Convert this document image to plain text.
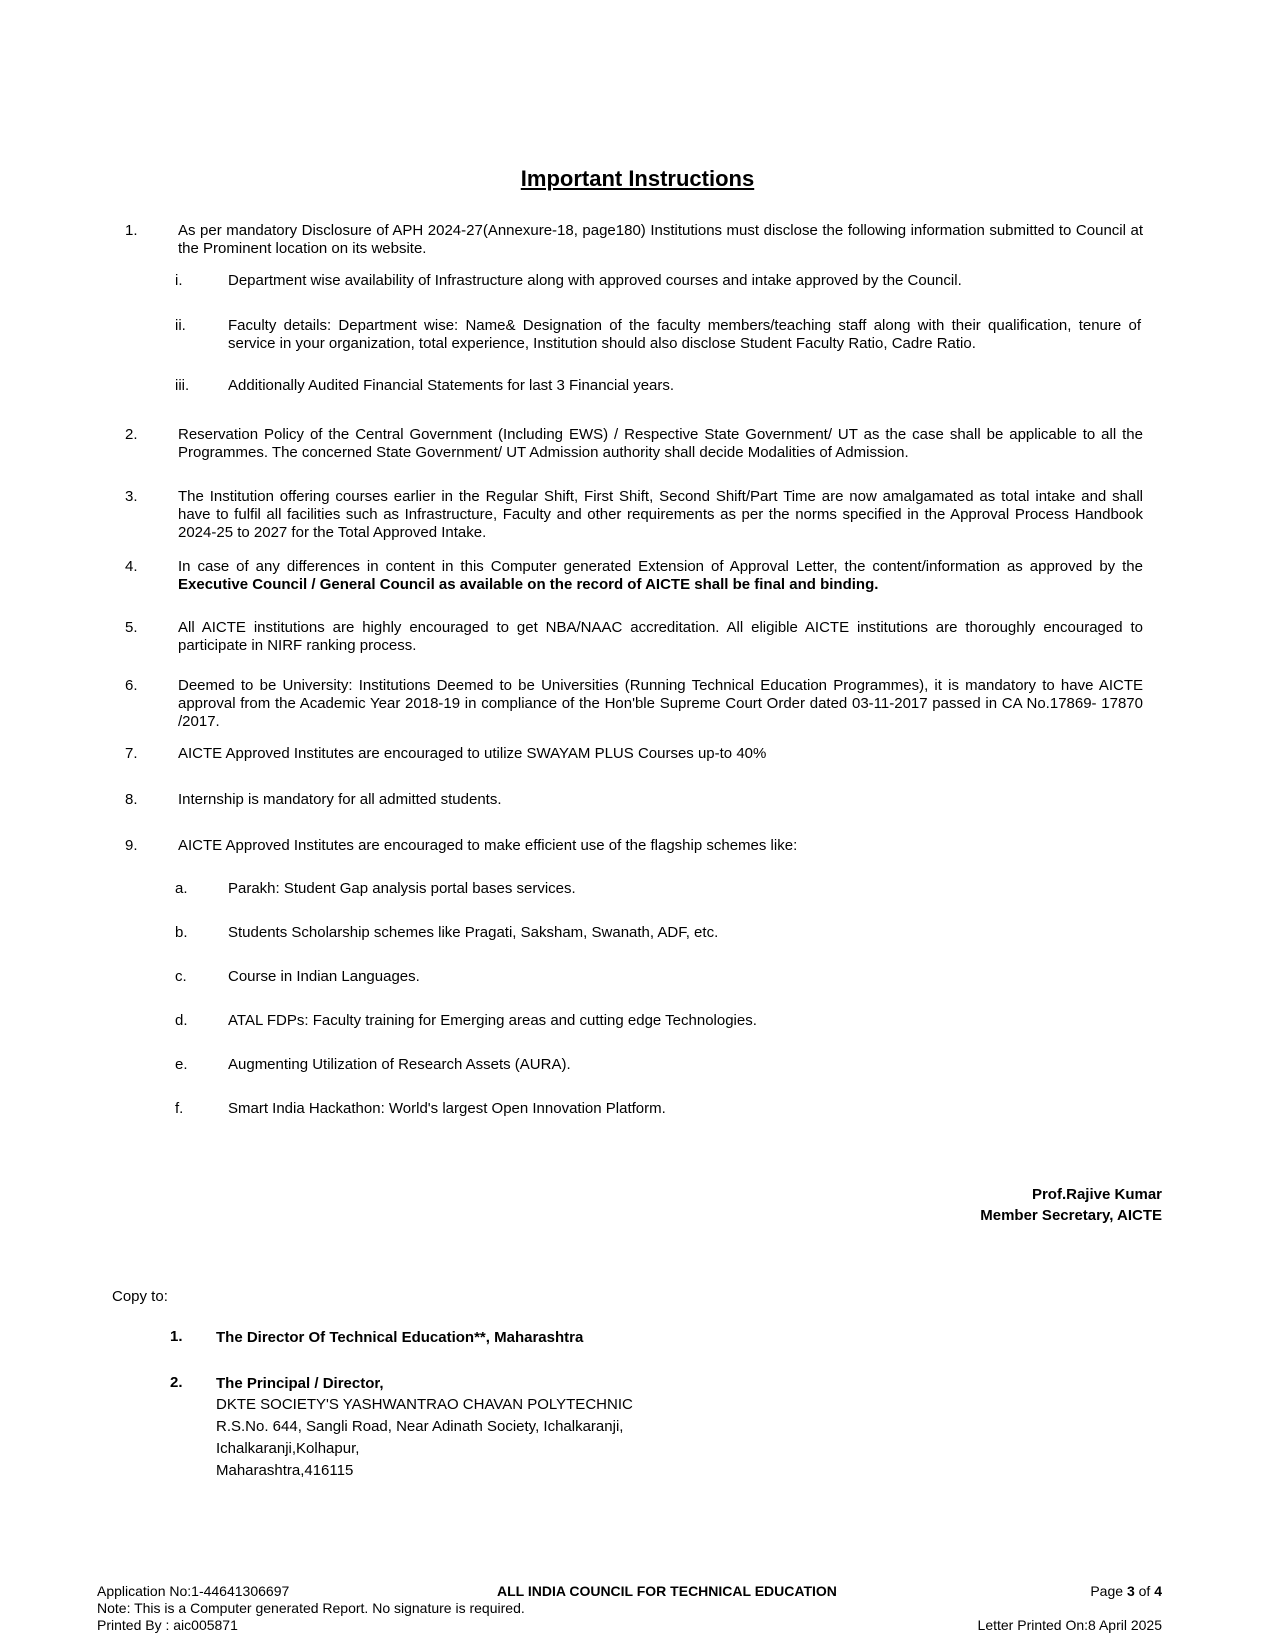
Important Instructions
1.	As per mandatory Disclosure of APH 2024-27(Annexure-18, page180) Institutions must disclose the following information submitted to Council at the Prominent location on its website.
i.	Department wise availability of Infrastructure along with approved courses and intake approved by the Council.
ii.	Faculty details: Department wise: Name& Designation of the faculty members/teaching staff along with their qualification, tenure of service in your organization, total experience, Institution should also disclose Student Faculty Ratio, Cadre Ratio.
iii.	Additionally Audited Financial Statements for last 3 Financial years.
2.	Reservation Policy of the Central Government (Including EWS) / Respective State Government/ UT as the case shall be applicable to all the Programmes. The concerned State Government/ UT Admission authority shall decide Modalities of Admission.
3.	The Institution offering courses earlier in the Regular Shift, First Shift, Second Shift/Part Time are now amalgamated as total intake and shall have to fulfil all facilities such as Infrastructure, Faculty and other requirements as per the norms specified in the Approval Process Handbook 2024-25 to 2027 for the Total Approved Intake.
4.	In case of any differences in content in this Computer generated Extension of Approval Letter, the content/information as approved by the Executive Council / General Council as available on the record of AICTE shall be final and binding.
5.	All AICTE institutions are highly encouraged to get NBA/NAAC accreditation. All eligible AICTE institutions are thoroughly encouraged to participate in NIRF ranking process.
6.	Deemed to be University: Institutions Deemed to be Universities (Running Technical Education Programmes), it is mandatory to have AICTE approval from the Academic Year 2018-19 in compliance of the Hon'ble Supreme Court Order dated 03-11-2017 passed in CA No.17869- 17870 /2017.
7.	AICTE Approved Institutes are encouraged to utilize SWAYAM PLUS Courses up-to 40%
8.	Internship is mandatory for all admitted students.
9.	AICTE Approved Institutes are encouraged to make efficient use of the flagship schemes like:
a.	Parakh: Student Gap analysis portal bases services.
b.	Students Scholarship schemes like Pragati, Saksham, Swanath, ADF, etc.
c.	Course in Indian Languages.
d.	ATAL FDPs: Faculty training for Emerging areas and cutting edge Technologies.
e.	Augmenting Utilization of Research Assets (AURA).
f.	Smart India Hackathon: World's largest Open Innovation Platform.
Prof.Rajive Kumar
Member Secretary, AICTE
Copy to:
1.	The Director Of Technical Education**, Maharashtra
2.	The Principal / Director,
DKTE SOCIETY'S YASHWANTRAO CHAVAN POLYTECHNIC
R.S.No. 644, Sangli Road, Near Adinath Society, Ichalkaranji,
Ichalkaranji,Kolhapur,
Maharashtra,416115
Application No:1-44641306697	ALL INDIA COUNCIL FOR TECHNICAL EDUCATION	Page 3 of 4
Note: This is a Computer generated Report. No signature is required.
Printed By : aic005871	Letter Printed On:8 April 2025
